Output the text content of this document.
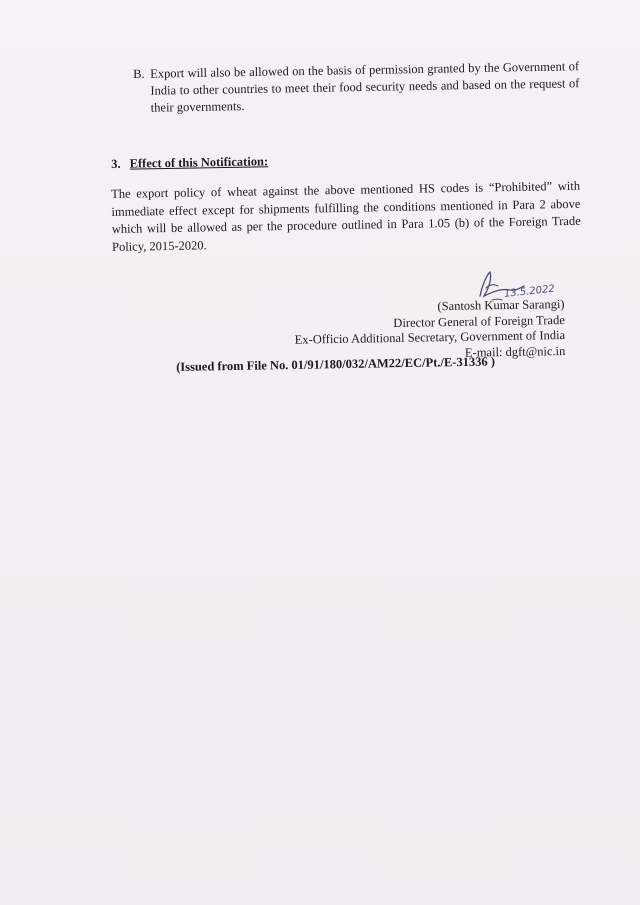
B. Export will also be allowed on the basis of permission granted by the Government of India to other countries to meet their food security needs and based on the request of their governments.
3. Effect of this Notification:
The export policy of wheat against the above mentioned HS codes is “Prohibited” with immediate effect except for shipments fulfilling the conditions mentioned in Para 2 above which will be allowed as per the procedure outlined in Para 1.05 (b) of the Foreign Trade Policy, 2015-2020.
13.5.2022
(Santosh Kumar Sarangi)
Director General of Foreign Trade
Ex-Officio Additional Secretary, Government of India
E-mail: dgft@nic.in
(Issued from File No. 01/91/180/032/AM22/EC/Pt./E-31336 )
